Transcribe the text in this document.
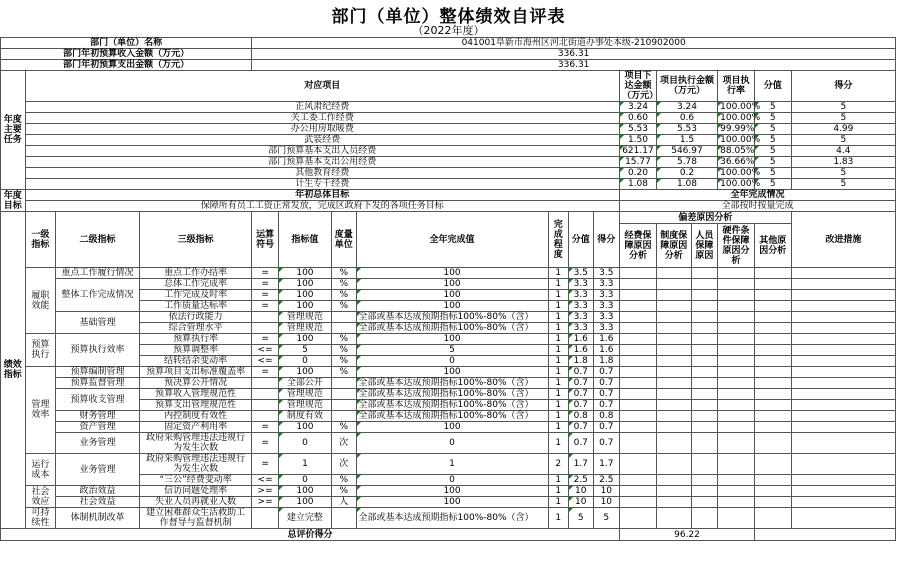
部门（单位）整体绩效自评表
（2022年度）
部门（单位）名称				041001阜新市海州区河北街道办事处本级-210902000												
部门年初预算收入金额（万元）				336.31												
部门年初预算支出金额（万元）				336.31												
年度主要任务	对应项目										项目下达金额（万元）	项目执行金额（万元）		项目执行率	分值	得分
	正风肃纪经费										3.24	3.24		100.00%	5	5
	关工委工作经费										0.60	0.6		100.00%	5	5
	办公用房取暖费										5.53	5.53		99.99%	5	4.99
	武装经费										1.50	1.5		100.00%	5	5
	部门预算基本支出人员经费										621.17	546.97		88.05%	5	4.4
	部门预算基本支出公用经费										15.77	5.78		36.66%	5	1.83
	其他教育经费										0.20	0.2		100.00%	5	5
	计生专干经费										1.08	1.08		100.00%	5	5
年度目标	年初总体目标										全年完成情况					
	保障所有员工工资正常发放，完成区政府下发的各项任务目标										全部按时按量完成					
绩效指标	一级指标	二级指标	三级指标	运算符号	指标值	度量单位	全年完成值	完成程度	分值	得分	偏差原因分析					改进措施
											经费保障原因分析	制度保障原因分析	人员保障原因	硬件条件保障原因分析	其他原因分析	
	履职效能	重点工作履行情况	重点工作办结率	=	100	%	100	1	3.5	3.5						
		整体工作完成情况	总体工作完成率	=	100	%	100	1	3.3	3.3						
			工作完成及时率	=	100	%	100	1	3.3	3.3						
			工作质量达标率	=	100	%	100	1	3.3	3.3						
		基础管理	依法行政能力		管理规范		全部或基本达成预期指标100%-80%（含）	1	3.3	3.3						
			综合管理水平		管理规范		全部或基本达成预期指标100%-80%（含）	1	3.3	3.3						
	预算执行	预算执行效率	预算执行率	=	100	%	100	1	1.6	1.6						
			预算调整率	<=	5	%	5	1	1.6	1.6						
			结转结余变动率	<=	0	%	0	1	1.8	1.8						
	管理效率	预算编制管理	预算项目支出标准覆盖率	=	100	%	100	1	0.7	0.7						
		预算监督管理	预决算公开情况		全部公开		全部或基本达成预期指标100%-80%（含）	1	0.7	0.7						
		预算收支管理	预算收入管理规范性		管理规范		全部或基本达成预期指标100%-80%（含）	1	0.7	0.7						
			预算支出管理规范性		管理规范		全部或基本达成预期指标100%-80%（含）	1	0.7	0.7						
		财务管理	内控制度有效性		制度有效		全部或基本达成预期指标100%-80%（含）	1	0.8	0.8						
		资产管理	固定资产利用率	=	100	%	100	1	0.7	0.7						
		业务管理	政府采购管理违法违规行为发生次数	=	0	次	0	1	0.7	0.7						
	运行成本	业务管理	政府采购管理违法违规行为发生次数	=	1	次	1	2	1.7	1.7						
			“三公”经费变动率	<=	0	%	0	1	2.5	2.5						
	社会效应	政治效益	信访问题处理率	>=	100	%	100	1	10	10						
		社会效益	失业人员再就业人数	>=	100	人	100	1	10	10						
	可持续性	体制机制改革	建立困难群众生活救助工作督导与监督机制		建立完整		全部或基本达成预期指标100%-80%（含）	1	5	5						
总评价得分											96.22					
